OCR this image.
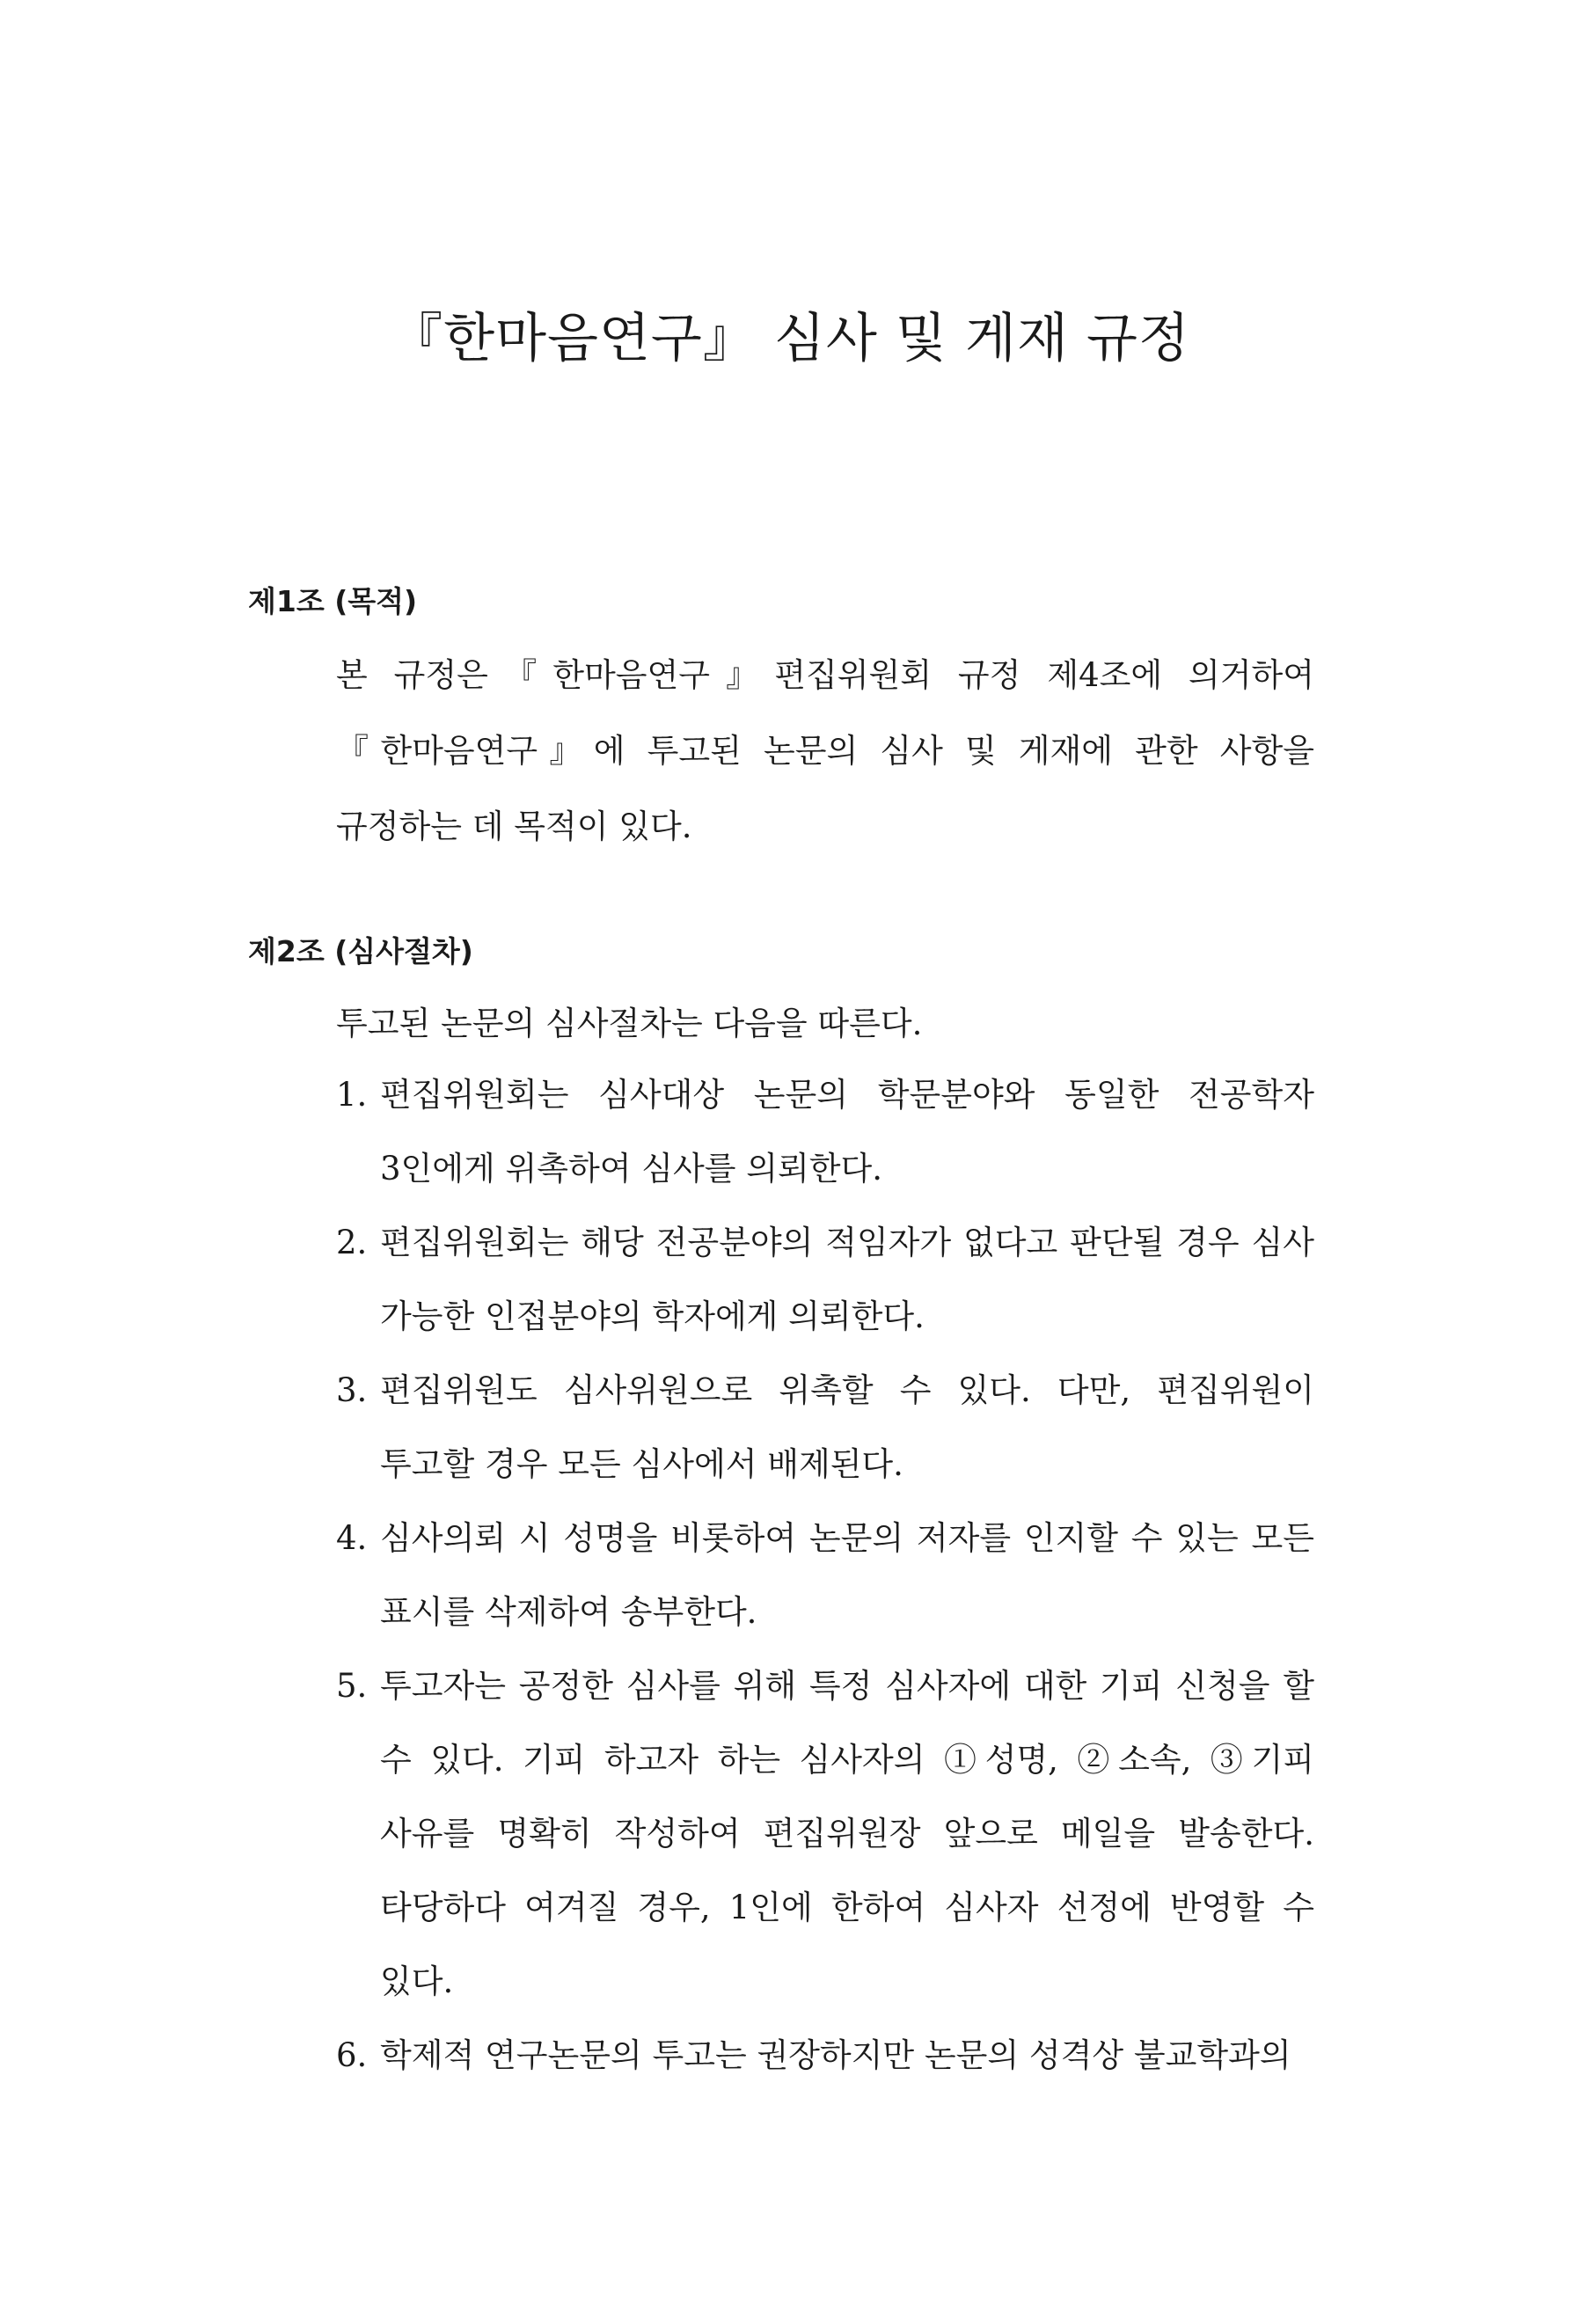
『한마음연구』 심사 및 게재 규정
제1조 (목적)

본 규정은『한마음연구』편집위원회 규정 제4조에 의거하여『한마음연구』에 투고된 논문의 심사 및 게재에 관한 사항을 규정하는 데 목적이 있다.

제2조 (심사절차)

투고된 논문의 심사절차는 다음을 따른다.

1. 편집위원회는 심사대상 논문의 학문분야와 동일한 전공학자 3인에게 위촉하여 심사를 의뢰한다.
2. 편집위원회는 해당 전공분야의 적임자가 없다고 판단될 경우 심사 가능한 인접분야의 학자에게 의뢰한다.
3. 편집위원도 심사위원으로 위촉할 수 있다. 다만, 편집위원이 투고할 경우 모든 심사에서 배제된다.
4. 심사의뢰 시 성명을 비롯하여 논문의 저자를 인지할 수 있는 모든 표시를 삭제하여 송부한다.
5. 투고자는 공정한 심사를 위해 특정 심사자에 대한 기피 신청을 할 수 있다. 기피 하고자 하는 심사자의 ①성명, ②소속, ③기피 사유를 명확히 작성하여 편집위원장 앞으로 메일을 발송한다. 타당하다 여겨질 경우, 1인에 한하여 심사자 선정에 반영할 수 있다.
6. 학제적 연구논문의 투고는 권장하지만 논문의 성격상 불교학과의
